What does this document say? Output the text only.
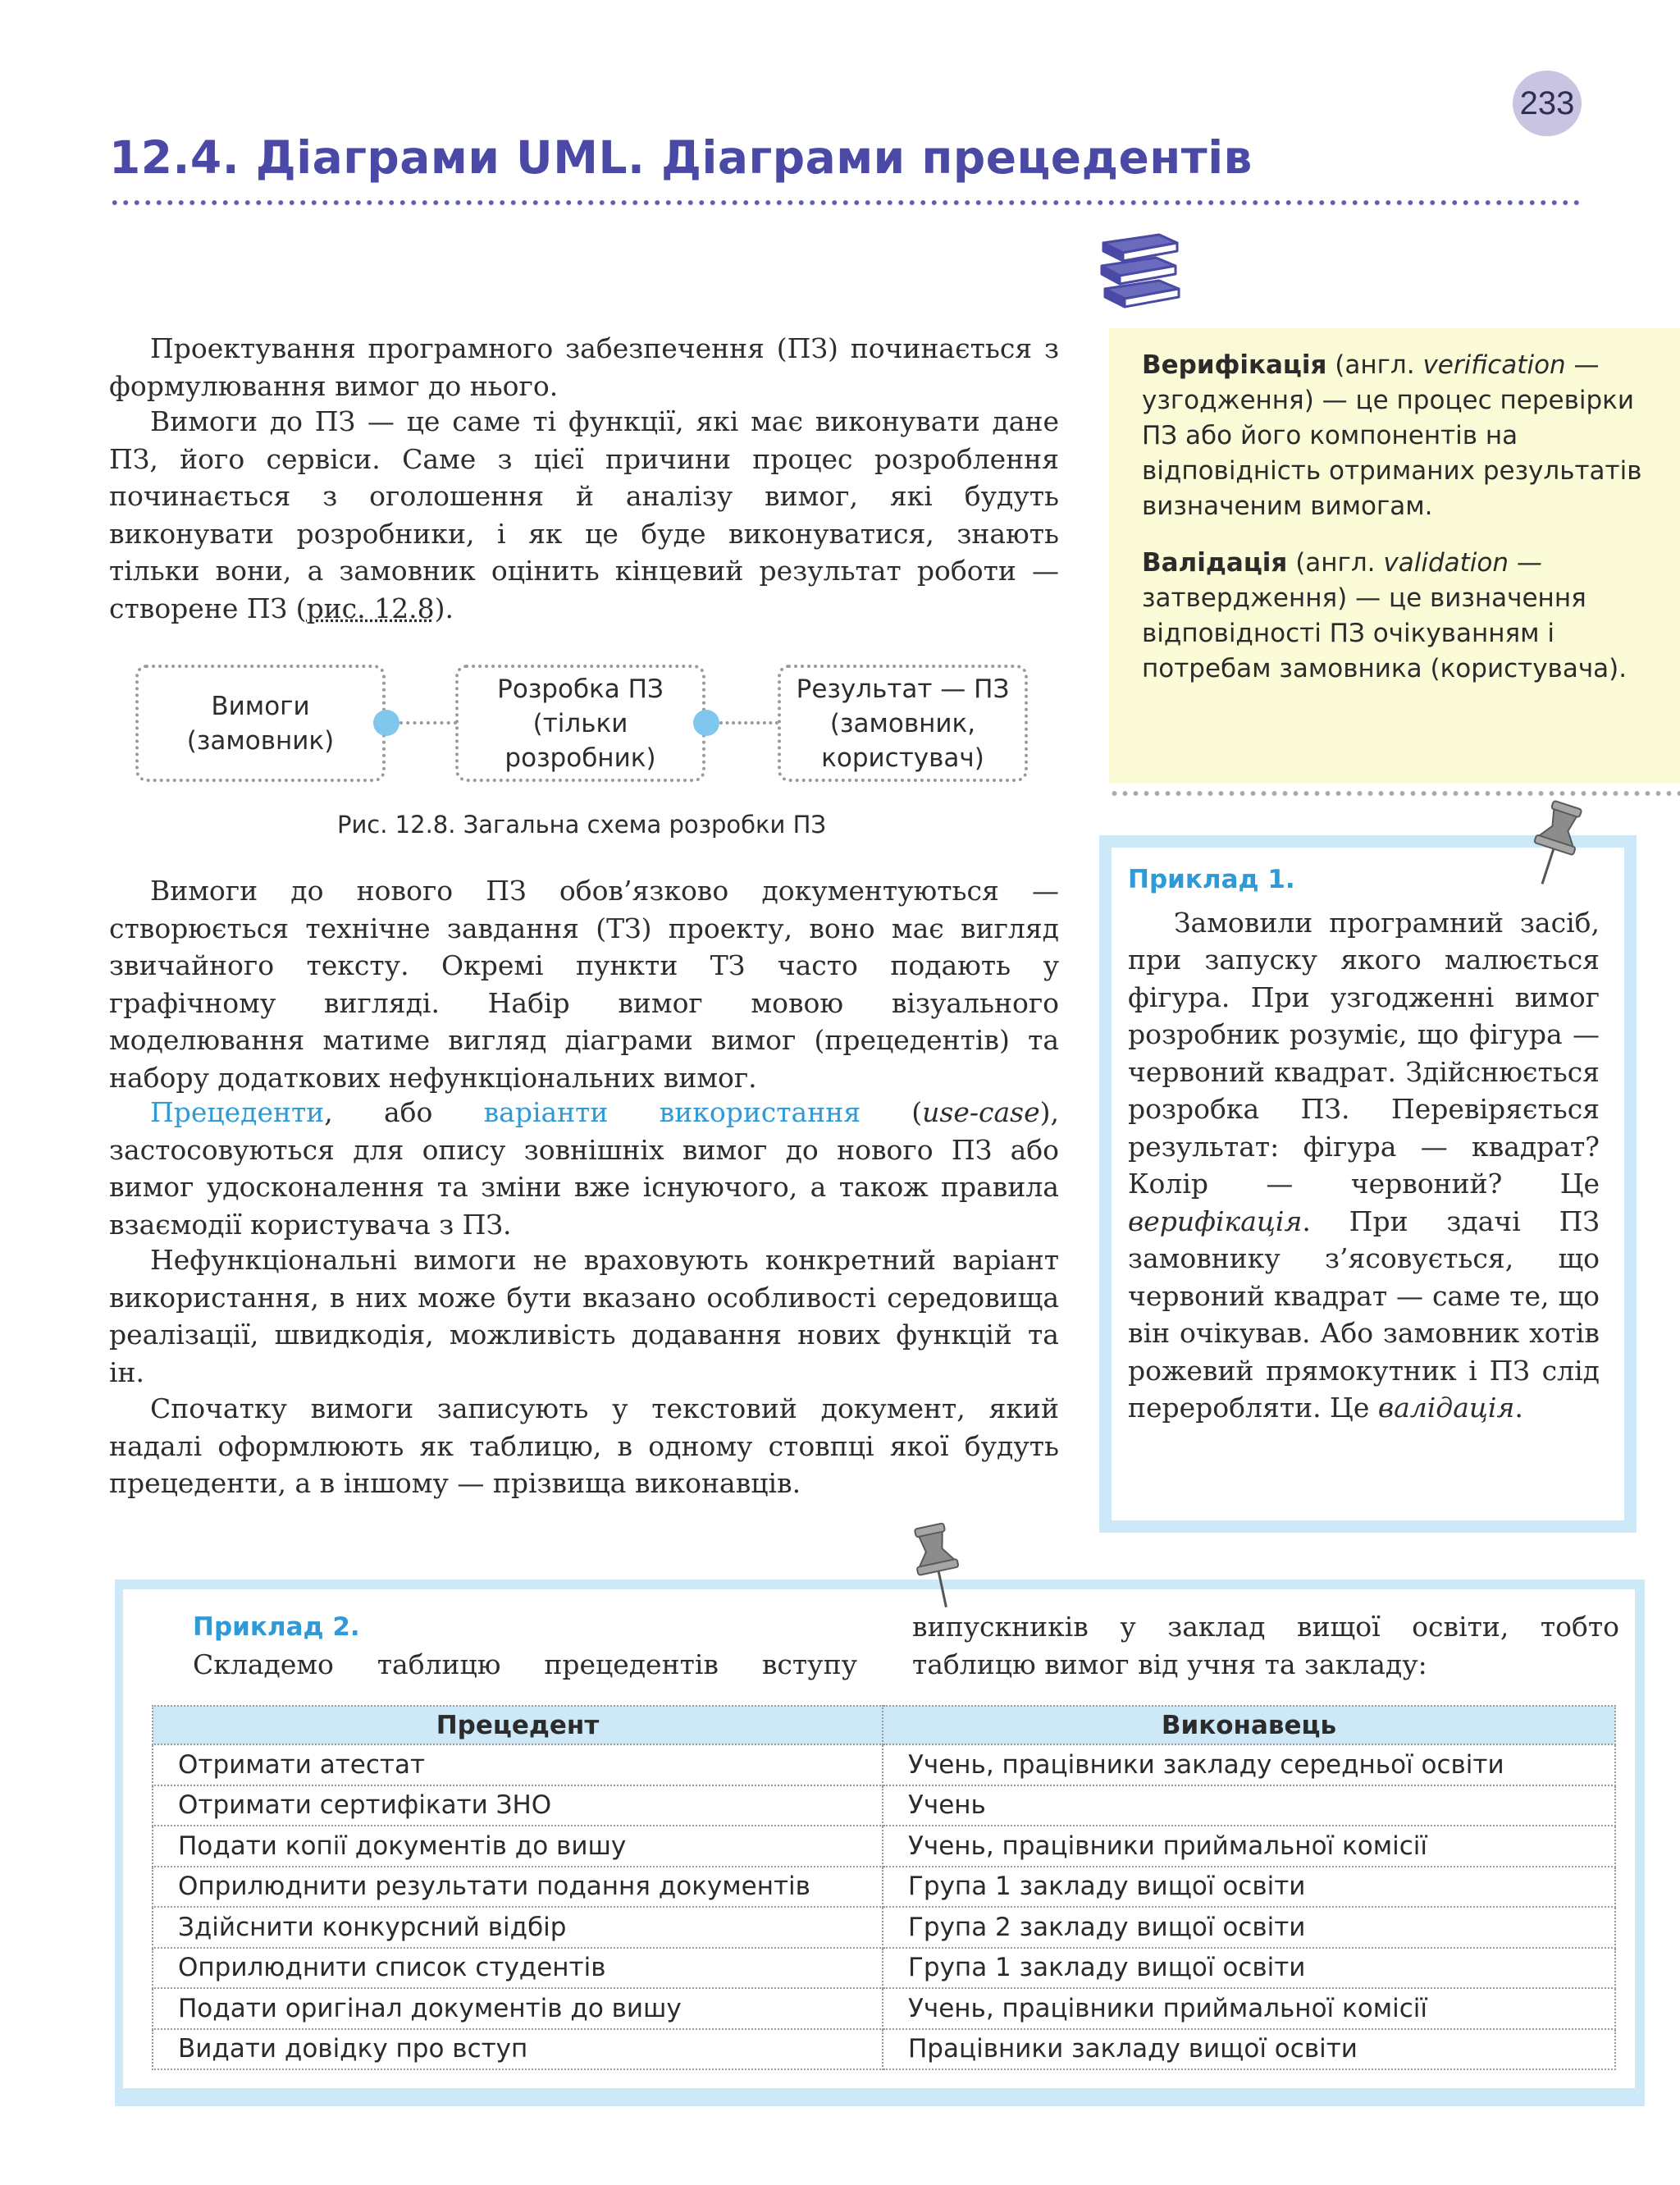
233
12.4. Діаграми UML. Діаграми прецедентів

Проектування програмного забезпечення (ПЗ) починається з формулювання вимог до нього.

Вимоги до ПЗ — це саме ті функції, які має виконувати дане ПЗ, його сервіси. Саме з цієї причини процес розроблення починається з оголошення й аналізу вимог, які будуть виконувати розробники, і як це буде виконуватися, знають тільки вони, а замовник оцінить кінцевий результат роботи — створене ПЗ (рис. 12.8).

Вимоги
(замовник)
Розробка ПЗ
(тільки
розробник)
Результат — ПЗ
(замовник,
користувач)
Рис. 12.8. Загальна схема розробки ПЗ

Вимоги до нового ПЗ обов’язково документуються — створюється технічне завдання (ТЗ) проекту, воно має вигляд звичайного тексту. Окремі пункти ТЗ часто подають у графічному вигляді. Набір вимог мовою візуального моделювання матиме вигляд діаграми вимог (прецедентів) та набору додаткових нефункціональних вимог.

Прецеденти, або варіанти використання (use-case), застосовуються для опису зовнішніх вимог до нового ПЗ або вимог удосконалення та зміни вже існуючого, а також правила взаємодії користувача з ПЗ.

Нефункціональні вимоги не враховують конкретний варіант використання, в них може бути вказано особливості середовища реалізації, швидкодія, можливість додавання нових функцій та ін.

Спочатку вимоги записують у текстовий документ, який надалі оформлюють як таблицю, в одному стовпці якої будуть прецеденти, а в іншому — прізвища виконавців.

Верифікація (англ. verification — узгодження) — це процес перевірки ПЗ або його компонентів на відповідність отриманих результатів визначеним вимогам.

Валідація (англ. validation — затвердження) — це визначення відповідності ПЗ очікуванням і потребам замовника (користувача).

Приклад 1.

Замовили програмний засіб, при запуску якого малюється фігура. При узгодженні вимог розробник розуміє, що фігура — червоний квадрат. Здійснюється розробка ПЗ. Перевіряється результат: фігура — квадрат? Колір — червоний? Це верифікація. При здачі ПЗ замовнику з’ясовується, що червоний квадрат — саме те, що він очікував. Або замовник хотів рожевий прямокутник і ПЗ слід переробляти. Це валідація.

Приклад 2.
Складемо таблицю прецедентів вступу

випускників у заклад вищої освіти, тобто таблицю вимог від учня та закладу:

Прецедент	Виконавець
Отримати атестат	Учень, працівники закладу середньої освіти
Отримати сертифікати ЗНО	Учень
Подати копії документів до вишу	Учень, працівники приймальної комісії
Оприлюднити результати подання документів	Група 1 закладу вищої освіти
Здійснити конкурсний відбір	Група 2 закладу вищої освіти
Оприлюднити список студентів	Група 1 закладу вищої освіти
Подати оригінал документів до вишу	Учень, працівники приймальної комісії
Видати довідку про вступ	Працівники закладу вищої освіти
